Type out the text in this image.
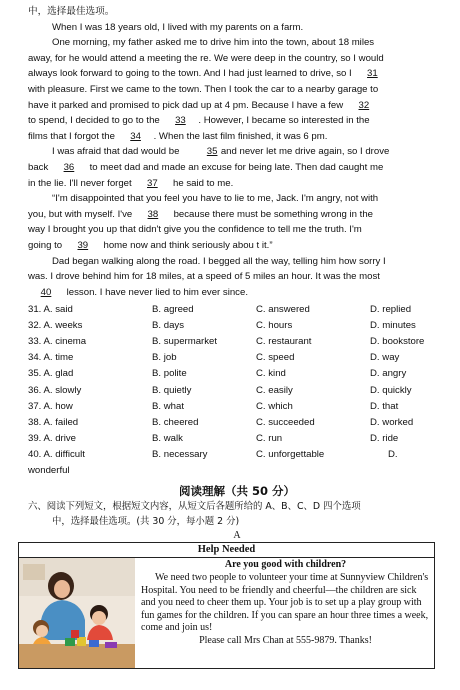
中，选择最佳选项。
When I was 18 years old, I lived with my parents on a farm.
One morning, my father asked me to drive him into the town, about 18 miles
away, for he would attend a meeting the re. We were deep in the country, so I would
always look forward to going to the town. And I had just learned to drive, so I 31
with pleasure. First we came to the town. Then I took the car to a nearby garage to
have it parked and promised to pick dad up at 4 pm. Because I have a few 32
to spend, I decided to go to the 33 . However, I became so interested in the
films that I forgot the 34 . When the last film finished, it was 6 pm.
I was afraid that dad would be	35 and never let me drive again, so I drove
back 36 to meet dad and made an excuse for being late. Then dad caught me
in the lie. I'll never forget 37 he said to me.
“I'm disappointed that you feel you have to lie to me, Jack. I'm angry, not with
you, but with myself. I've 38 because there must be something wrong in the
way I brought you up that didn't give you the confidence to tell me the truth. I'm
going to 39 home now and think seriously abou t it.”
Dad began walking along the road. I begged all the way, telling him how sorry I
was. I drove behind him for 18 miles, at a speed of 5 miles an hour. It was the most
40 lesson. I have never lied to him ever since.
31. A. said	B. agreed	C. answered	D. replied
32. A. weeks	B. days	C. hours	D. minutes
33. A. cinema	B. supermarket	C. restaurant	D. bookstore
34. A. time	B. job	C. speed	D. way
35. A. glad	B. polite	C. kind	D. angry
36. A. slowly	B. quietly	C. easily	D. quickly
37. A. how	B. what	C. which	D. that
38. A. failed	B. cheered	C. succeeded	D. worked
39. A. drive	B. walk	C. run	D. ride
40. A. difficult	B. necessary	C. unforgettable	D.
wonderful
阅读理解（共 50 分）
六、阅读下列短文，根据短文内容，从短文后各题所给的 A、B、C、D 四个选项
中，选择最佳选项。(共 30 分，每小题 2 分)
A
Help Needed
Are you good with children?

We need two people to volunteer your time at Sunnyview Children's Hospital. You need to be friendly and cheerful—the children are sick and you need to cheer them up. Your job is to set up a play group with fun games for the children. If you can spare an hour three times a week, come and join us!

Please call Mrs Chan at 555-9879. Thanks!
